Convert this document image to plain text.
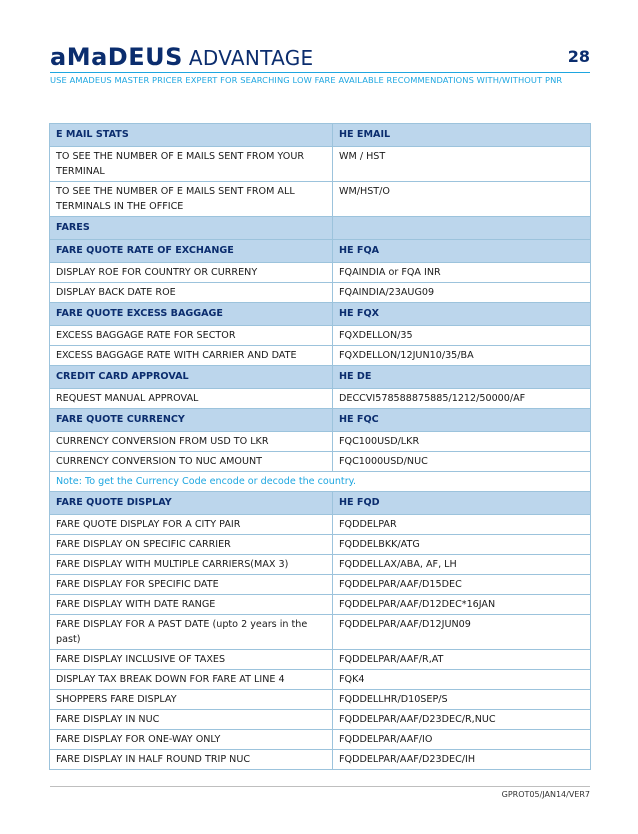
aMaDEUS ADVANTAGE	28
USE AMADEUS MASTER PRICER EXPERT FOR SEARCHING LOW FARE AVAILABLE RECOMMENDATIONS WITH/WITHOUT PNR
E MAIL STATS	HE EMAIL
TO SEE THE NUMBER OF E MAILS SENT FROM YOUR TERMINAL	WM / HST
TO SEE THE NUMBER OF E MAILS SENT FROM ALL TERMINALS IN THE OFFICE	WM/HST/O
FARES	
FARE QUOTE RATE OF EXCHANGE	HE FQA
DISPLAY ROE FOR COUNTRY OR CURRENY	FQAINDIA or FQA INR
DISPLAY BACK DATE ROE	FQAINDIA/23AUG09
FARE QUOTE EXCESS BAGGAGE	HE FQX
EXCESS BAGGAGE RATE FOR SECTOR	FQXDELLON/35
EXCESS BAGGAGE RATE WITH CARRIER AND DATE	FQXDELLON/12JUN10/35/BA
CREDIT CARD APPROVAL	HE DE
REQUEST MANUAL APPROVAL	DECCVI578588875885/1212/50000/AF
FARE QUOTE CURRENCY	HE FQC
CURRENCY CONVERSION FROM USD TO LKR	FQC100USD/LKR
CURRENCY CONVERSION TO NUC AMOUNT	FQC1000USD/NUC
Note: To get the Currency Code encode or decode the country.	
FARE QUOTE DISPLAY	HE FQD
FARE QUOTE DISPLAY FOR A CITY PAIR	FQDDELPAR
FARE DISPLAY ON SPECIFIC CARRIER	FQDDELBKK/ATG
FARE DISPLAY WITH MULTIPLE CARRIERS(MAX 3)	FQDDELLAX/ABA, AF, LH
FARE DISPLAY FOR SPECIFIC DATE	FQDDELPAR/AAF/D15DEC
FARE DISPLAY WITH DATE RANGE	FQDDELPAR/AAF/D12DEC*16JAN
FARE DISPLAY FOR A PAST DATE (upto 2 years in the past)	FQDDELPAR/AAF/D12JUN09
FARE DISPLAY INCLUSIVE OF TAXES	FQDDELPAR/AAF/R,AT
DISPLAY TAX BREAK DOWN FOR FARE AT LINE 4	FQK4
SHOPPERS FARE DISPLAY	FQDDELLHR/D10SEP/S
FARE DISPLAY IN NUC	FQDDELPAR/AAF/D23DEC/R,NUC
FARE DISPLAY FOR ONE-WAY ONLY	FQDDELPAR/AAF/IO
FARE DISPLAY IN HALF ROUND TRIP NUC	FQDDELPAR/AAF/D23DEC/IH
GPROT05/JAN14/VER7
